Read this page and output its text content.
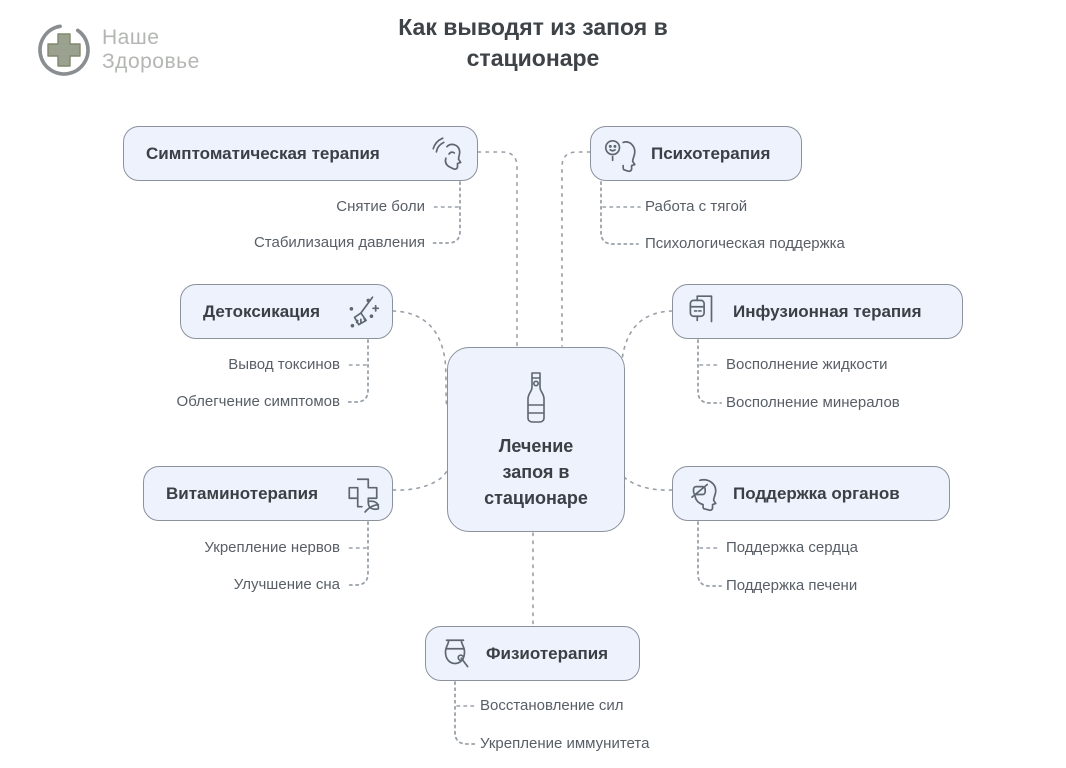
Наше Здоровье
Как выводят из запоя в стационаре
Симптоматическая терапия
Снятие боли
Стабилизация давления
Психотерапия
Работа с тягой
Психологическая поддержка
Детоксикация
Вывод токсинов
Облегчение симптомов
Инфузионная терапия
Восполнение жидкости
Восполнение минералов
Лечение запоя в стационаре
Витаминотерапия
Укрепление нервов
Улучшение сна
Поддержка органов
Поддержка сердца
Поддержка печени
Физиотерапия
Восстановление сил
Укрепление иммунитета
